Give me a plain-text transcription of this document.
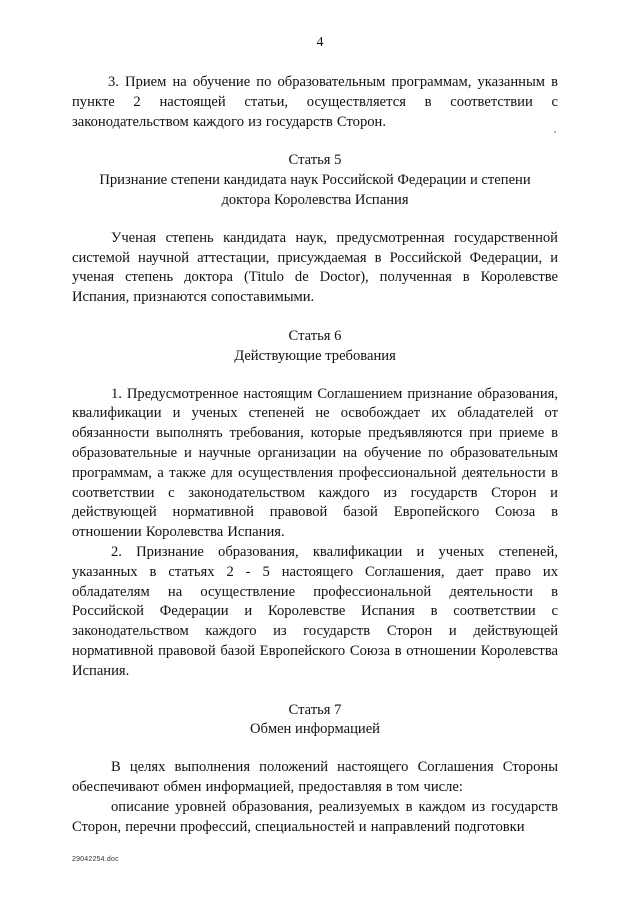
4

3. Прием на обучение по образовательным программам, указанным в пункте 2 настоящей статьи, осуществляется в соответствии с законодательством каждого из государств Сторон.

Статья 5
Признание степени кандидата наук Российской Федерации и степени доктора Королевства Испания

Ученая степень кандидата наук, предусмотренная государственной системой научной аттестации, присуждаемая в Российской Федерации, и ученая степень доктора (Titulo de Doctor), полученная в Королевстве Испания, признаются сопоставимыми.

Статья 6
Действующие требования

1. Предусмотренное настоящим Соглашением признание образования, квалификации и ученых степеней не освобождает их обладателей от обязанности выполнять требования, которые предъявляются при приеме в образовательные и научные организации на обучение по образовательным программам, а также для осуществления профессиональной деятельности в соответствии с законодательством каждого из государств Сторон и действующей нормативной правовой базой Европейского Союза в отношении Королевства Испания.

2. Признание образования, квалификации и ученых степеней, указанных в статьях 2 - 5 настоящего Соглашения, дает право их обладателям на осуществление профессиональной деятельности в Российской Федерации и Королевстве Испания в соответствии с законодательством каждого из государств Сторон и действующей нормативной правовой базой Европейского Союза в отношении Королевства Испания.

Статья 7
Обмен информацией

В целях выполнения положений настоящего Соглашения Стороны обеспечивают обмен информацией, предоставляя в том числе:

описание уровней образования, реализуемых в каждом из государств Сторон, перечни профессий, специальностей и направлений подготовки

29042254.doc
